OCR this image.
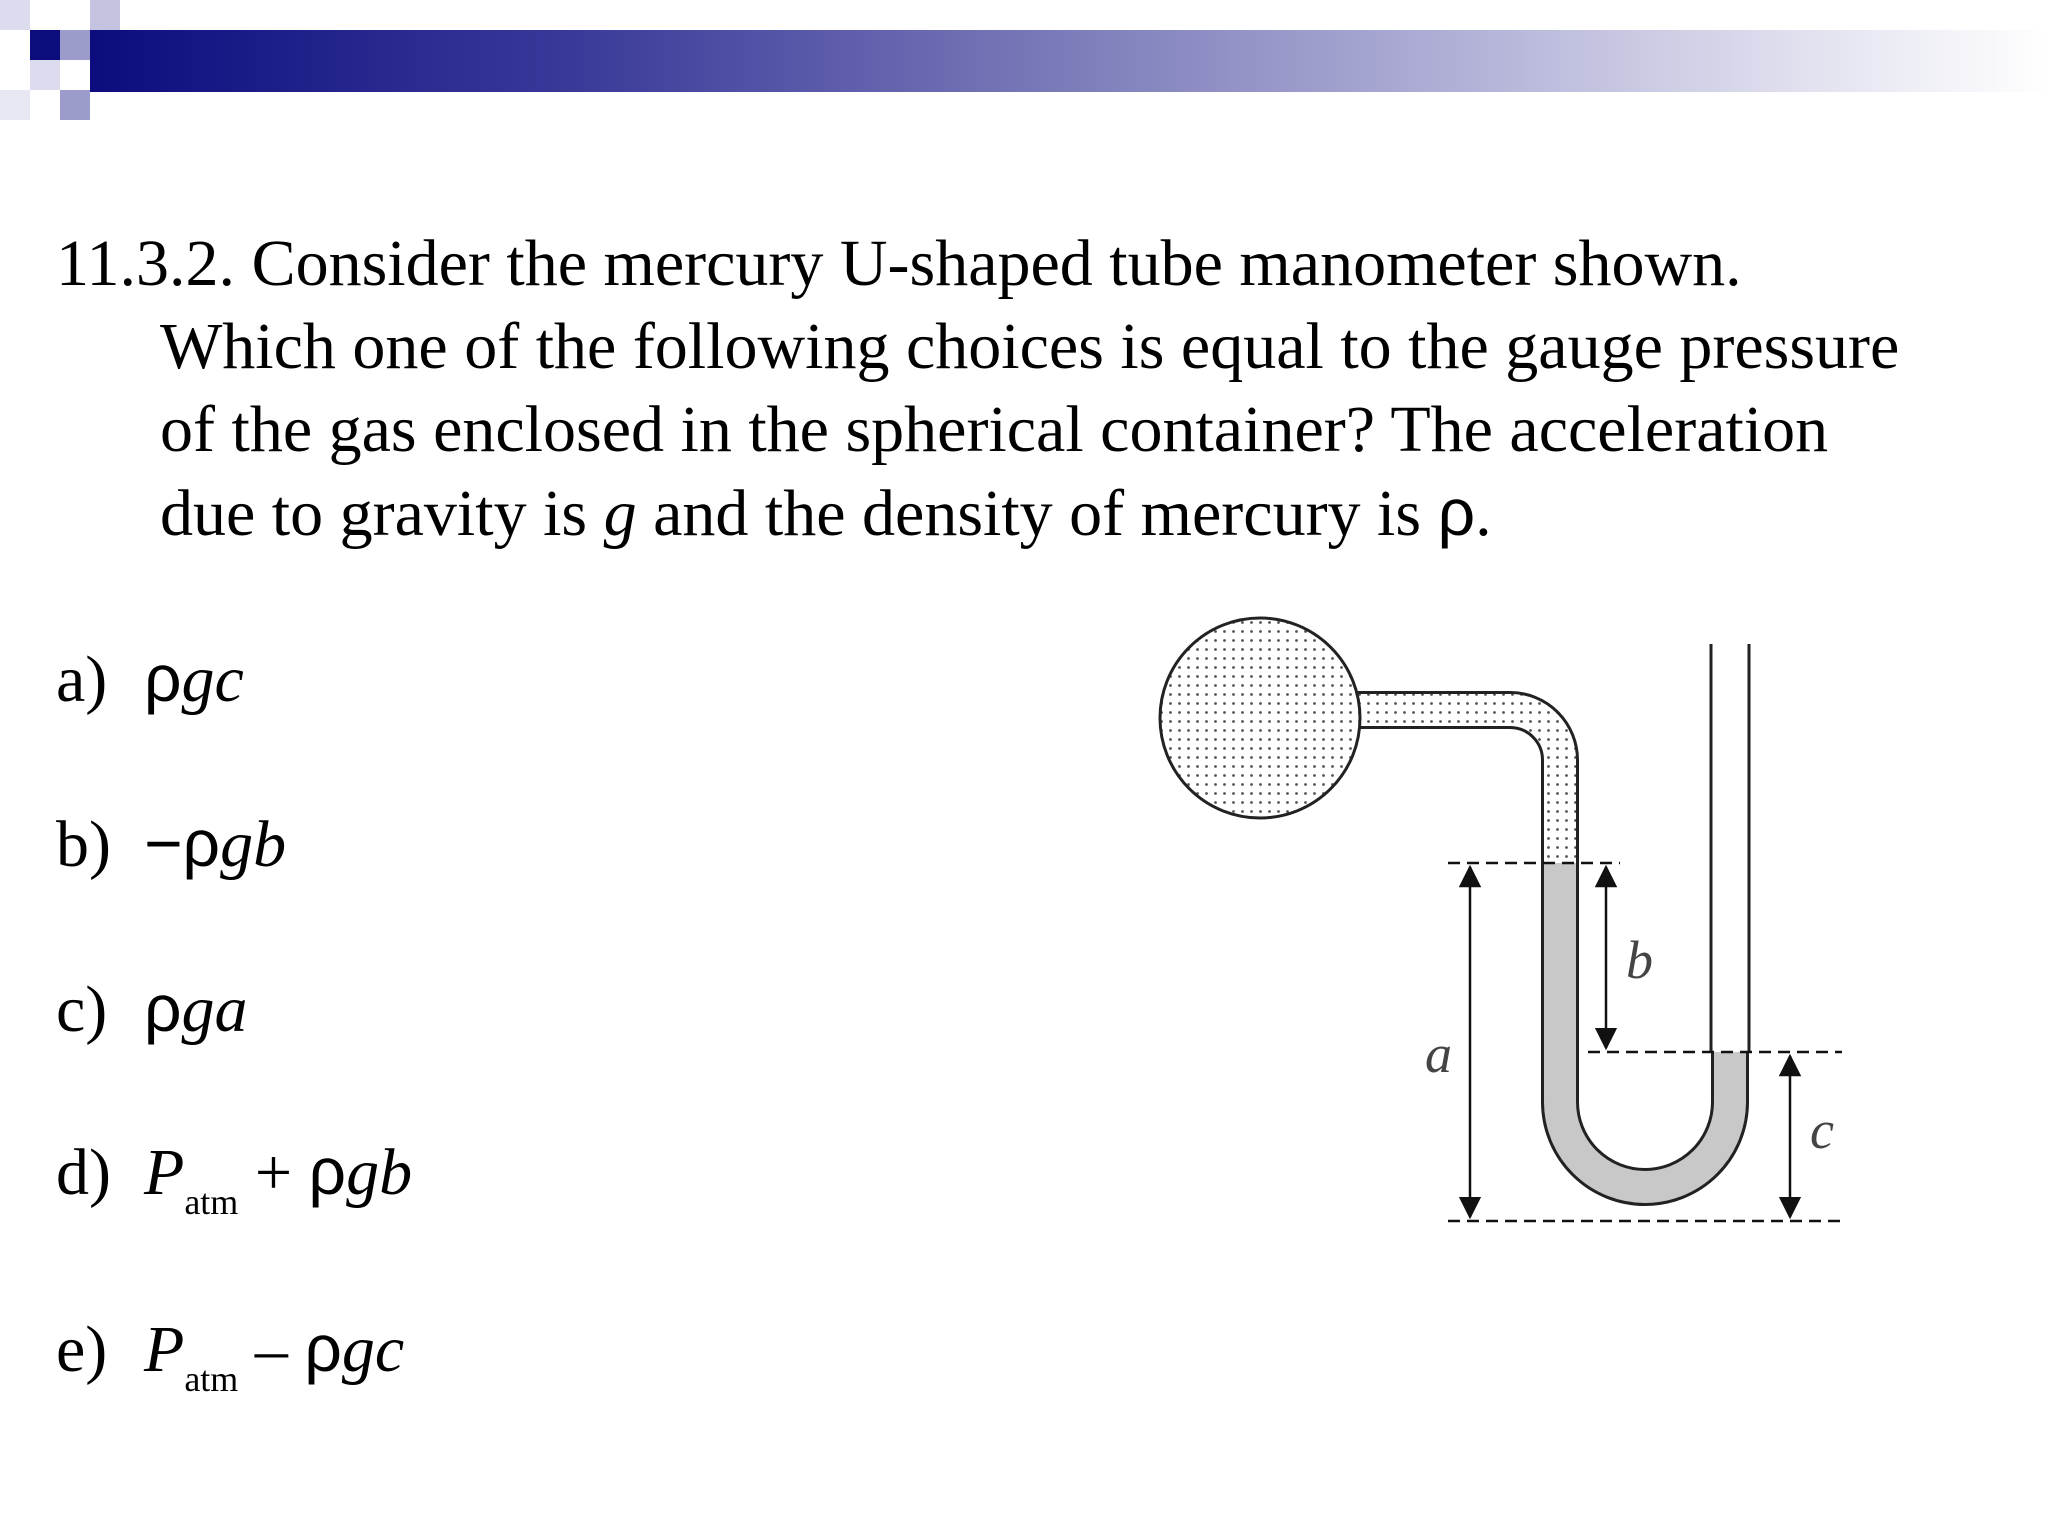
11.3.2. Consider the mercury U-shaped tube manometer shown.
Which one of the following choices is equal to the gauge pressure
of the gas enclosed in the spherical container? The acceleration
due to gravity is g and the density of mercury is ρ.
a) ρgc
b) −ρgb
c) ρga
d) $P_{atm} + \rho gb$
e) $P_{atm}$ – ρgc
a
b
c
